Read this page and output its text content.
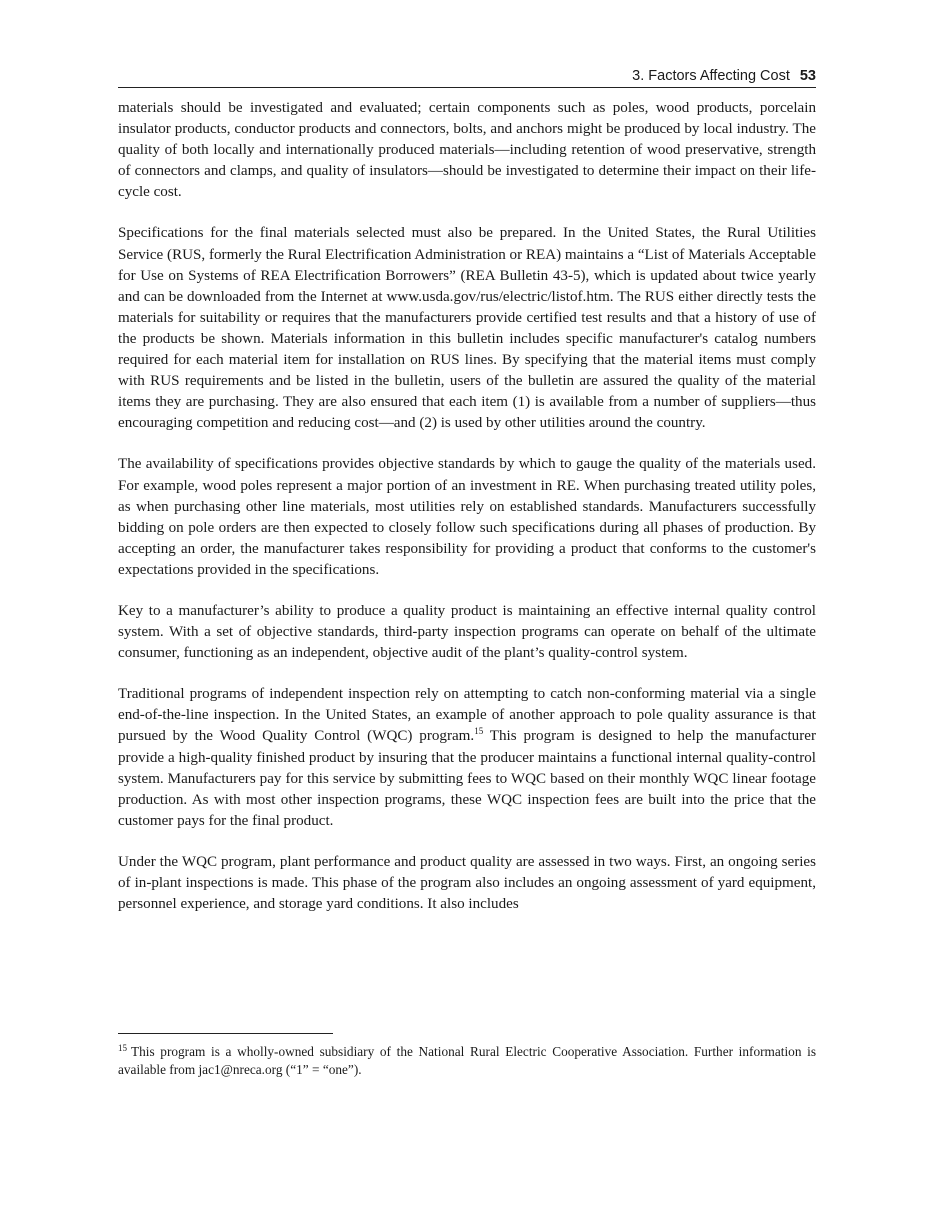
3. Factors Affecting Cost 53

materials should be investigated and evaluated; certain components such as poles, wood products, porcelain insulator products, conductor products and connectors, bolts, and anchors might be produced by local industry. The quality of both locally and internationally produced materials—including retention of wood preservative, strength of connectors and clamps, and quality of insulators—should be investigated to determine their impact on their life-cycle cost.

Specifications for the final materials selected must also be prepared. In the United States, the Rural Utilities Service (RUS, formerly the Rural Electrification Administration or REA) maintains a “List of Materials Acceptable for Use on Systems of REA Electrification Borrowers” (REA Bulletin 43-5), which is updated about twice yearly and can be downloaded from the Internet at www.usda.gov/rus/electric/listof.htm. The RUS either directly tests the materials for suitability or requires that the manufacturers provide certified test results and that a history of use of the products be shown. Materials information in this bulletin includes specific manufacturer's catalog numbers required for each material item for installation on RUS lines. By specifying that the material items must comply with RUS requirements and be listed in the bulletin, users of the bulletin are assured the quality of the material items they are purchasing. They are also ensured that each item (1) is available from a number of suppliers—thus encouraging competition and reducing cost—and (2) is used by other utilities around the country.

The availability of specifications provides objective standards by which to gauge the quality of the materials used. For example, wood poles represent a major portion of an investment in RE. When purchasing treated utility poles, as when purchasing other line materials, most utilities rely on established standards. Manufacturers successfully bidding on pole orders are then expected to closely follow such specifications during all phases of production. By accepting an order, the manufacturer takes responsibility for providing a product that conforms to the customer's expectations provided in the specifications.

Key to a manufacturer’s ability to produce a quality product is maintaining an effective internal quality control system. With a set of objective standards, third-party inspection programs can operate on behalf of the ultimate consumer, functioning as an independent, objective audit of the plant’s quality-control system.

Traditional programs of independent inspection rely on attempting to catch non-conforming material via a single end-of-the-line inspection. In the United States, an example of another approach to pole quality assurance is that pursued by the Wood Quality Control (WQC) program.$^{15}$ This program is designed to help the manufacturer provide a high-quality finished product by insuring that the producer maintains a functional internal quality-control system. Manufacturers pay for this service by submitting fees to WQC based on their monthly WQC linear footage production. As with most other inspection programs, these WQC inspection fees are built into the price that the customer pays for the final product.

Under the WQC program, plant performance and product quality are assessed in two ways. First, an ongoing series of in-plant inspections is made. This phase of the program also includes an ongoing assessment of yard equipment, personnel experience, and storage yard conditions. It also includes

$^{15}$ This program is a wholly-owned subsidiary of the National Rural Electric Cooperative Association. Further information is available from jac1@nreca.org (“1” = “one”).
